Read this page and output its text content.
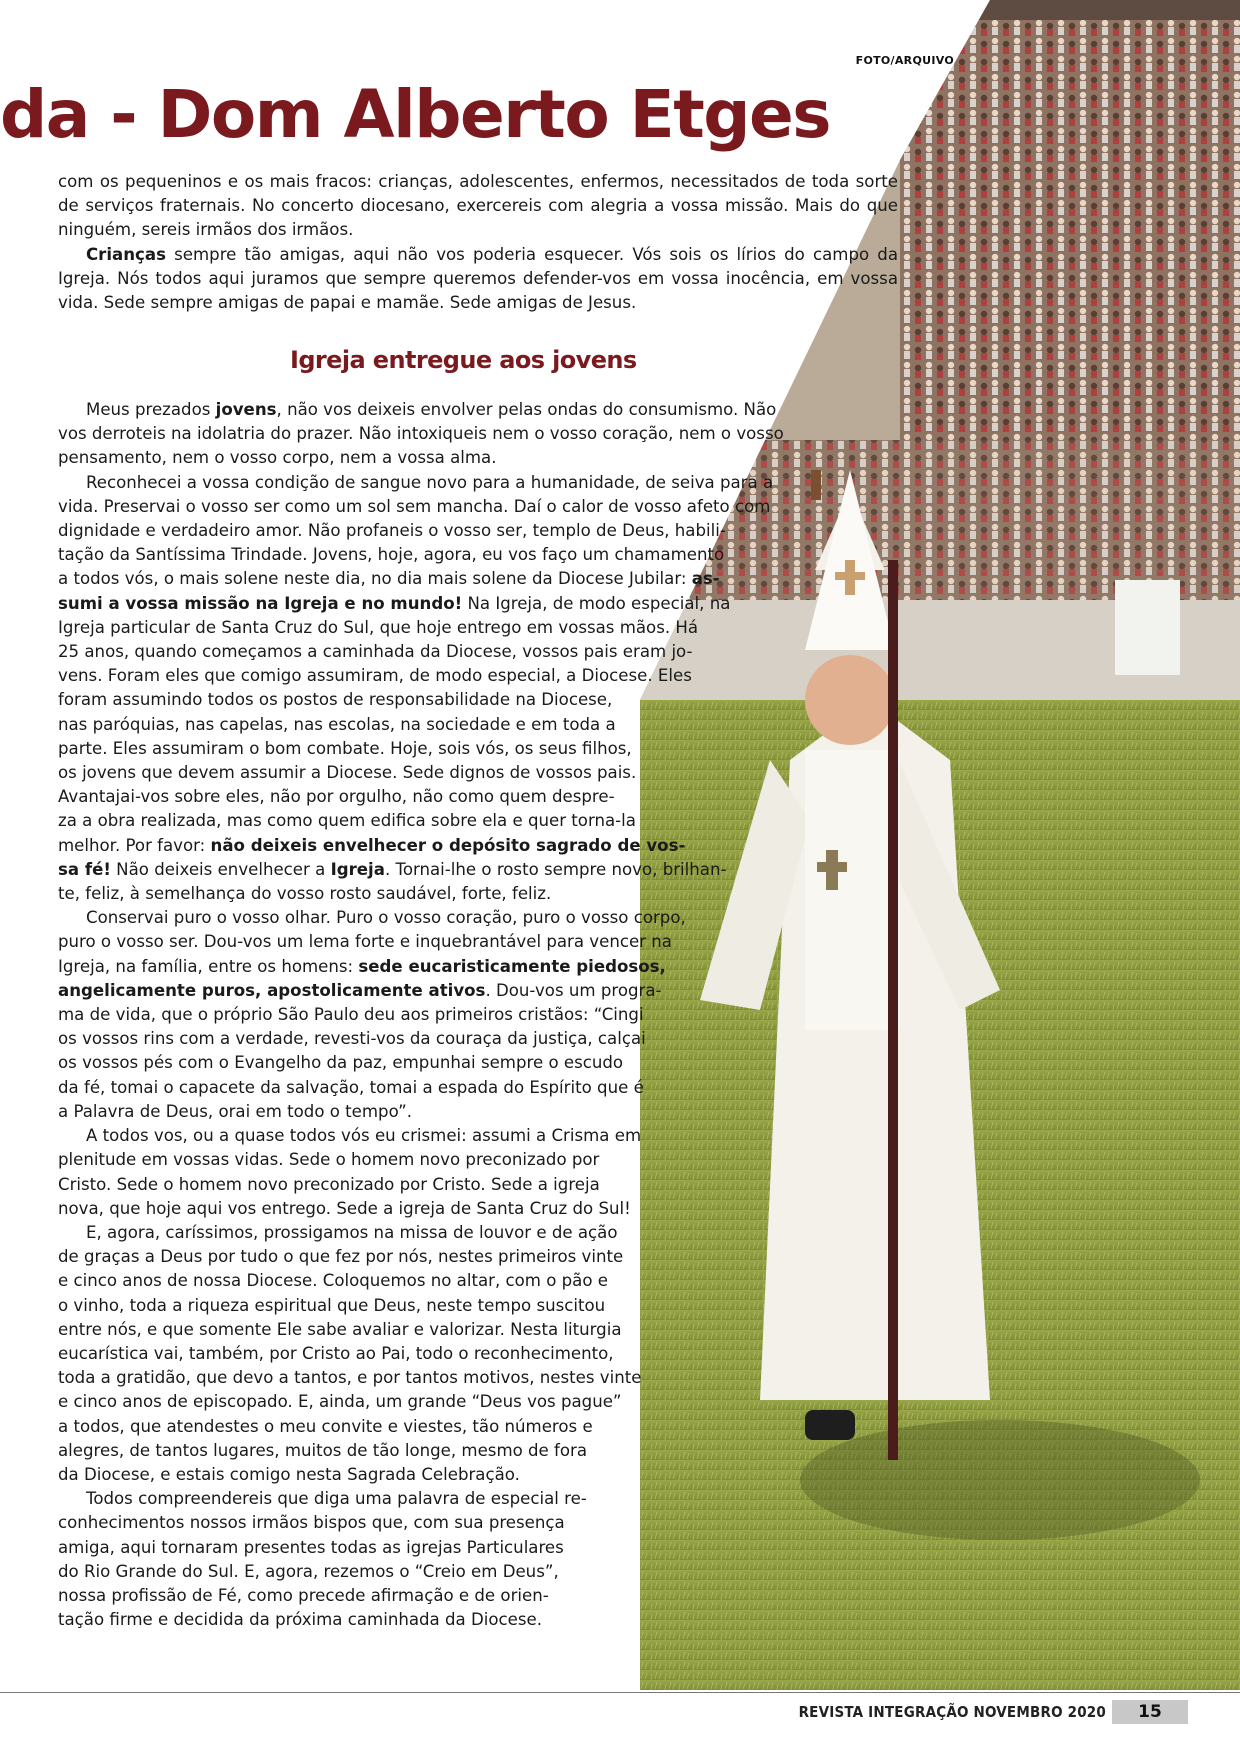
FOTO/ARQUIVO
da - Dom Alberto Etges

com os pequeninos e os mais fracos: crianças, adolescentes, enfermos, necessitados de toda sorte de serviços fraternais. No concerto diocesano, exercereis com alegria a vossa missão. Mais do que ninguém, sereis irmãos dos irmãos.

Crianças sempre tão amigas, aqui não vos poderia esquecer. Vós sois os lírios do campo da Igreja. Nós todos aqui juramos que sempre queremos defender-vos em vossa inocência, em vossa vida. Sede sempre amigas de papai e mamãe. Sede amigas de Jesus.

Igreja entregue aos jovens
Meus prezados jovens, não vos deixeis envolver pelas ondas do consumismo. Não
vos derroteis na idolatria do prazer. Não intoxiqueis nem o vosso coração, nem o vosso
pensamento, nem o vosso corpo, nem a vossa alma.
Reconhecei a vossa condição de sangue novo para a humanidade, de seiva para a
vida. Preservai o vosso ser como um sol sem mancha. Daí o calor de vosso afeto com
dignidade e verdadeiro amor. Não profaneis o vosso ser, templo de Deus, habili-
tação da Santíssima Trindade. Jovens, hoje, agora, eu vos faço um chamamento
a todos vós, o mais solene neste dia, no dia mais solene da Diocese Jubilar: as-
sumi a vossa missão na Igreja e no mundo! Na Igreja, de modo especial, na
Igreja particular de Santa Cruz do Sul, que hoje entrego em vossas mãos. Há
25 anos, quando começamos a caminhada da Diocese, vossos pais eram jo-
vens. Foram eles que comigo assumiram, de modo especial, a Diocese. Eles
foram assumindo todos os postos de responsabilidade na Diocese,
nas paróquias, nas capelas, nas escolas, na sociedade e em toda a
parte. Eles assumiram o bom combate. Hoje, sois vós, os seus filhos,
os jovens que devem assumir a Diocese. Sede dignos de vossos pais.
Avantajai-vos sobre eles, não por orgulho, não como quem despre-
za a obra realizada, mas como quem edifica sobre ela e quer torna-la
melhor. Por favor: não deixeis envelhecer o depósito sagrado de vos-
sa fé! Não deixeis envelhecer a Igreja. Tornai-lhe o rosto sempre novo, brilhan-
te, feliz, à semelhança do vosso rosto saudável, forte, feliz.
Conservai puro o vosso olhar. Puro o vosso coração, puro o vosso corpo,
puro o vosso ser. Dou-vos um lema forte e inquebrantável para vencer na
Igreja, na família, entre os homens: sede eucaristicamente piedosos,
angelicamente puros, apostolicamente ativos. Dou-vos um progra-
ma de vida, que o próprio São Paulo deu aos primeiros cristãos: “Cingi
os vossos rins com a verdade, revesti-vos da couraça da justiça, calçai
os vossos pés com o Evangelho da paz, empunhai sempre o escudo
da fé, tomai o capacete da salvação, tomai a espada do Espírito que é
a Palavra de Deus, orai em todo o tempo”.
A todos vos, ou a quase todos vós eu crismei: assumi a Crisma em
plenitude em vossas vidas. Sede o homem novo preconizado por
Cristo. Sede o homem novo preconizado por Cristo. Sede a igreja
nova, que hoje aqui vos entrego. Sede a igreja de Santa Cruz do Sul!
E, agora, caríssimos, prossigamos na missa de louvor e de ação
de graças a Deus por tudo o que fez por nós, nestes primeiros vinte
e cinco anos de nossa Diocese. Coloquemos no altar, com o pão e
o vinho, toda a riqueza espiritual que Deus, neste tempo suscitou
entre nós, e que somente Ele sabe avaliar e valorizar. Nesta liturgia
eucarística vai, também, por Cristo ao Pai, todo o reconhecimento,
toda a gratidão, que devo a tantos, e por tantos motivos, nestes vinte
e cinco anos de episcopado. E, ainda, um grande “Deus vos pague”
a todos, que atendestes o meu convite e viestes, tão números e
alegres, de tantos lugares, muitos de tão longe, mesmo de fora
da Diocese, e estais comigo nesta Sagrada Celebração.
Todos compreendereis que diga uma palavra de especial re-
conhecimentos nossos irmãos bispos que, com sua presença
amiga, aqui tornaram presentes todas as igrejas Particulares
do Rio Grande do Sul. E, agora, rezemos o “Creio em Deus”,
nossa profissão de Fé, como precede afirmação e de orien-
tação firme e decidida da próxima caminhada da Diocese.
REVISTA INTEGRAÇÃO NOVEMBRO 2020	15
